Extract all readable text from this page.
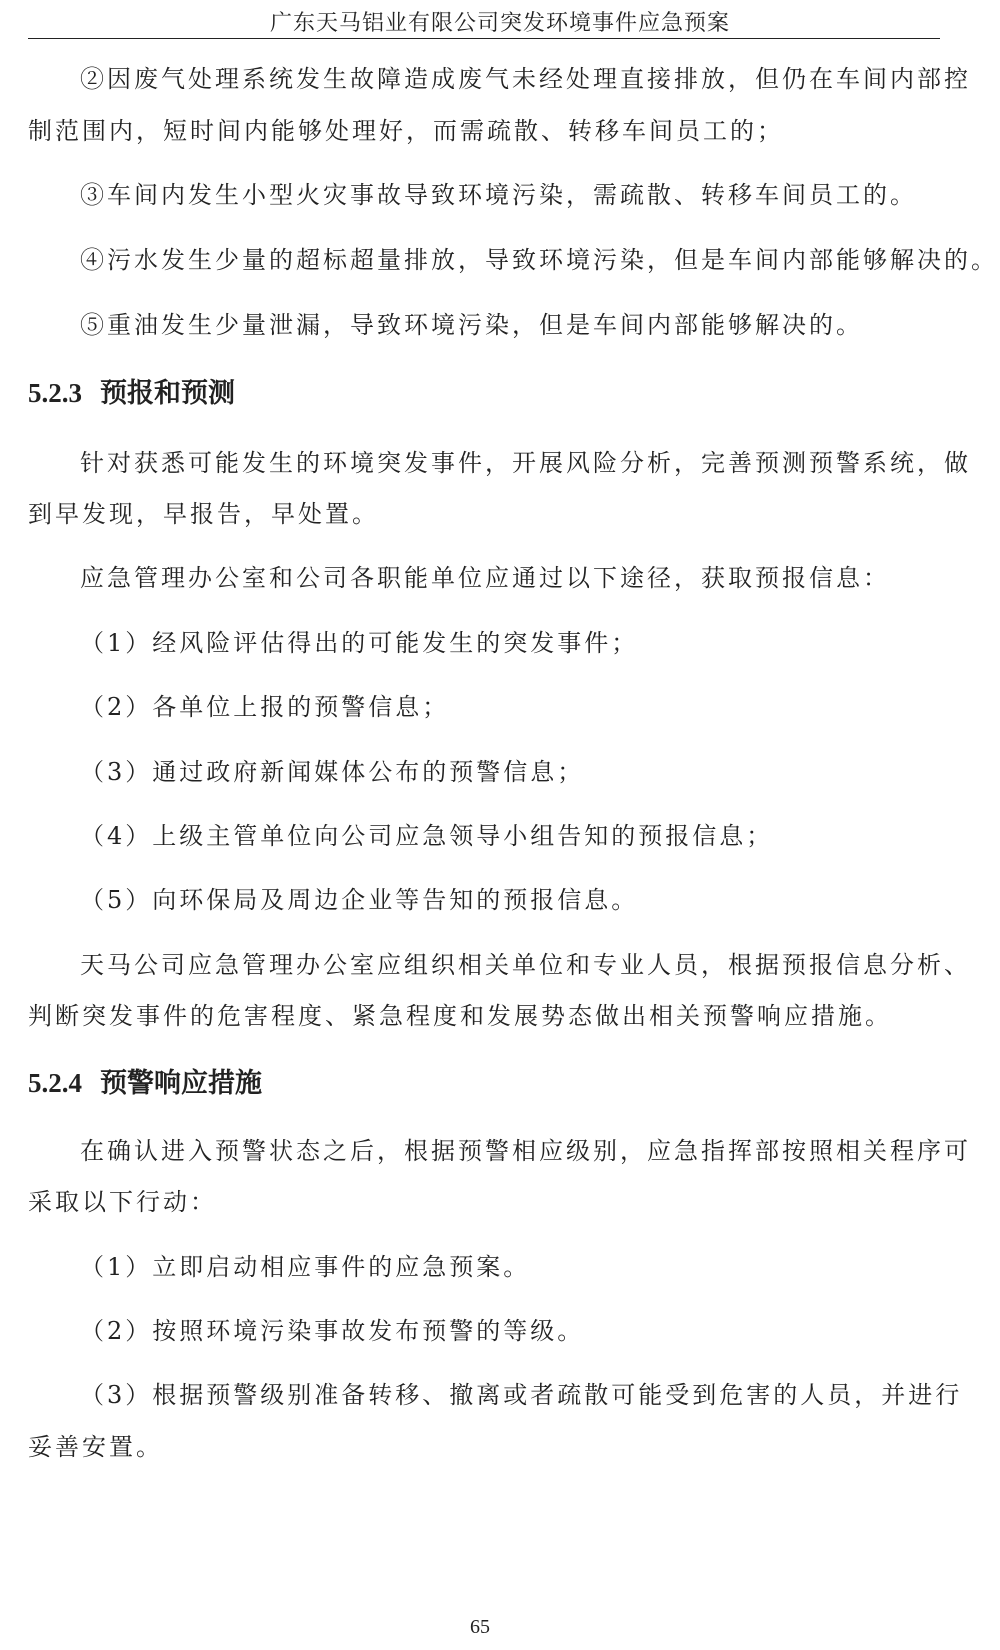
广东天马铝业有限公司突发环境事件应急预案
②因废气处理系统发生故障造成废气未经处理直接排放，但仍在车间内部控
制范围内，短时间内能够处理好，而需疏散、转移车间员工的；
③车间内发生小型火灾事故导致环境污染，需疏散、转移车间员工的。
④污水发生少量的超标超量排放，导致环境污染，但是车间内部能够解决的。
⑤重油发生少量泄漏，导致环境污染，但是车间内部能够解决的。
5.2.3 预报和预测
针对获悉可能发生的环境突发事件，开展风险分析，完善预测预警系统，做
到早发现，早报告，早处置。
应急管理办公室和公司各职能单位应通过以下途径，获取预报信息：
（1）经风险评估得出的可能发生的突发事件；
（2）各单位上报的预警信息；
（3）通过政府新闻媒体公布的预警信息；
（4）上级主管单位向公司应急领导小组告知的预报信息；
（5）向环保局及周边企业等告知的预报信息。
天马公司应急管理办公室应组织相关单位和专业人员，根据预报信息分析、
判断突发事件的危害程度、紧急程度和发展势态做出相关预警响应措施。
5.2.4 预警响应措施
在确认进入预警状态之后，根据预警相应级别，应急指挥部按照相关程序可
采取以下行动：
（1）立即启动相应事件的应急预案。
（2）按照环境污染事故发布预警的等级。
（3）根据预警级别准备转移、撤离或者疏散可能受到危害的人员，并进行
妥善安置。
65
